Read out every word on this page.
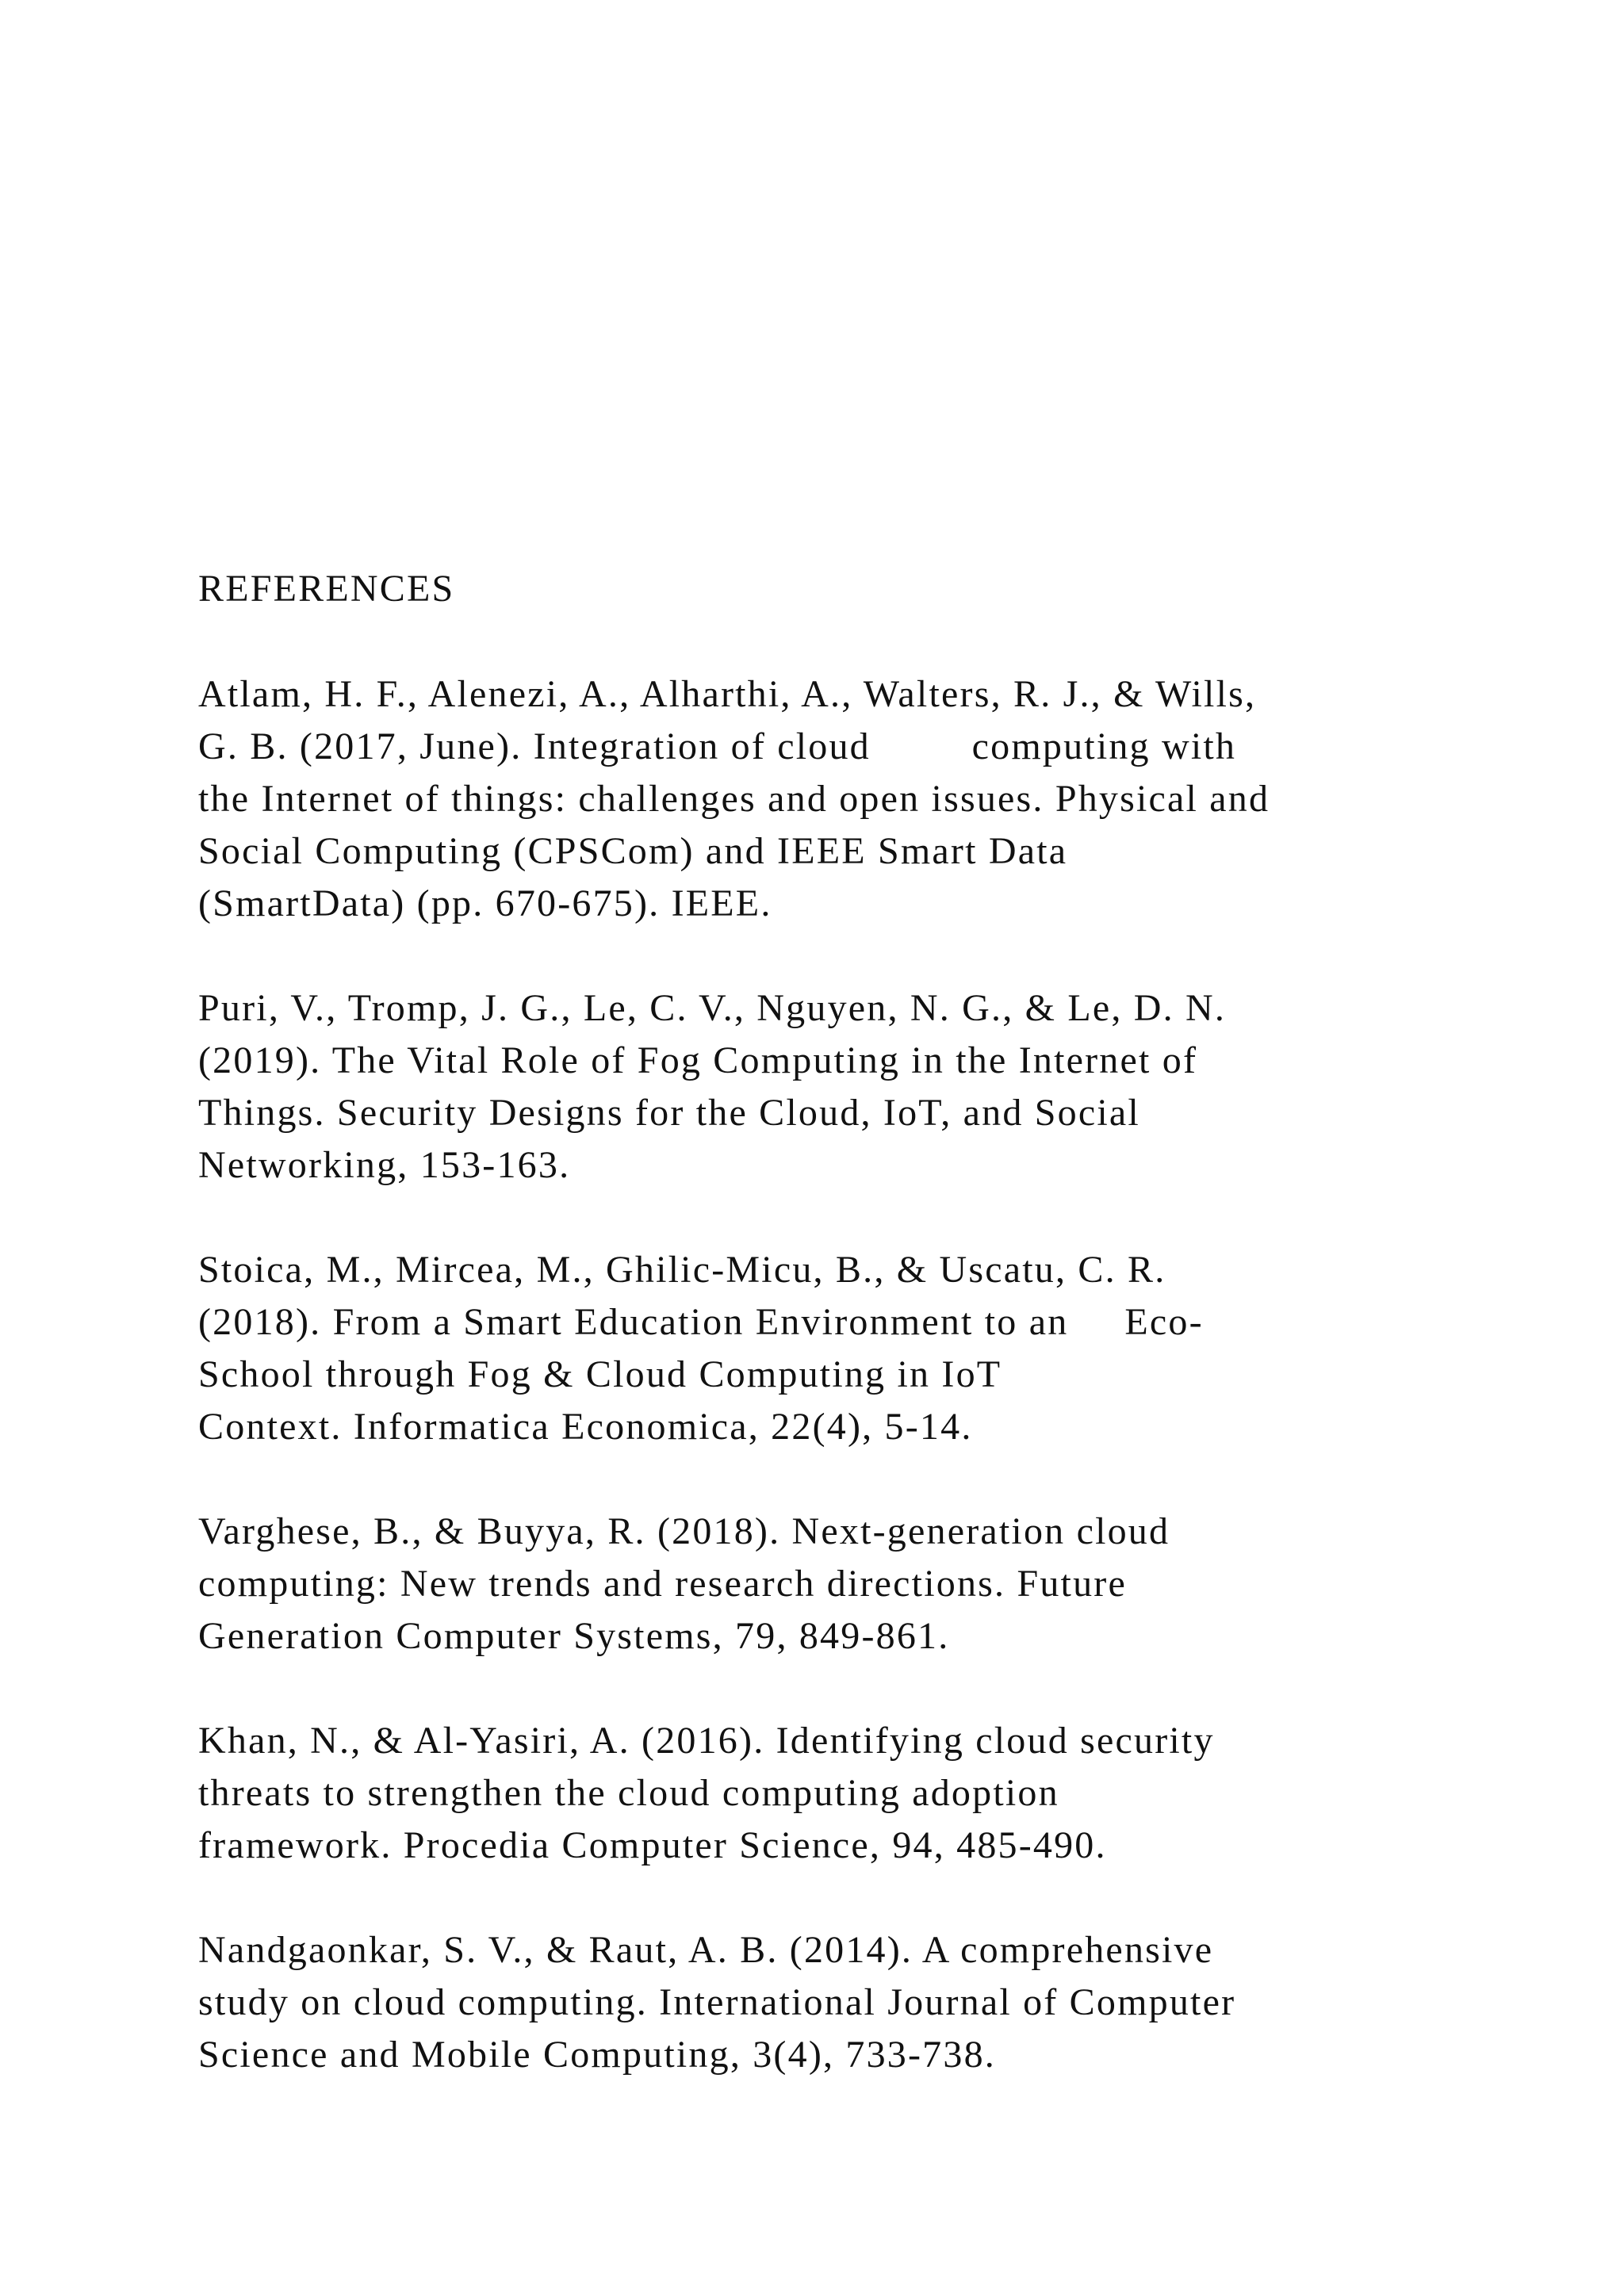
REFERENCES
Atlam, H. F., Alenezi, A., Alharthi, A., Walters, R. J., & Wills,
G. B. (2017, June). Integration of cloud         computing with
the Internet of things: challenges and open issues. Physical and
Social Computing (CPSCom) and IEEE Smart Data
(SmartData) (pp. 670-675). IEEE.
Puri, V., Tromp, J. G., Le, C. V., Nguyen, N. G., & Le, D. N.
(2019). The Vital Role of Fog Computing in the Internet of
Things. Security Designs for the Cloud, IoT, and Social
Networking, 153-163.
Stoica, M., Mircea, M., Ghilic-Micu, B., & Uscatu, C. R.
(2018). From a Smart Education Environment to an     Eco-
School through Fog & Cloud Computing in IoT
Context. Informatica Economica, 22(4), 5-14.
Varghese, B., & Buyya, R. (2018). Next-generation cloud
computing: New trends and research directions. Future
Generation Computer Systems, 79, 849-861.
Khan, N., & Al-Yasiri, A. (2016). Identifying cloud security
threats to strengthen the cloud computing adoption
framework. Procedia Computer Science, 94, 485-490.
Nandgaonkar, S. V., & Raut, A. B. (2014). A comprehensive
study on cloud computing. International Journal of Computer
Science and Mobile Computing, 3(4), 733-738.
